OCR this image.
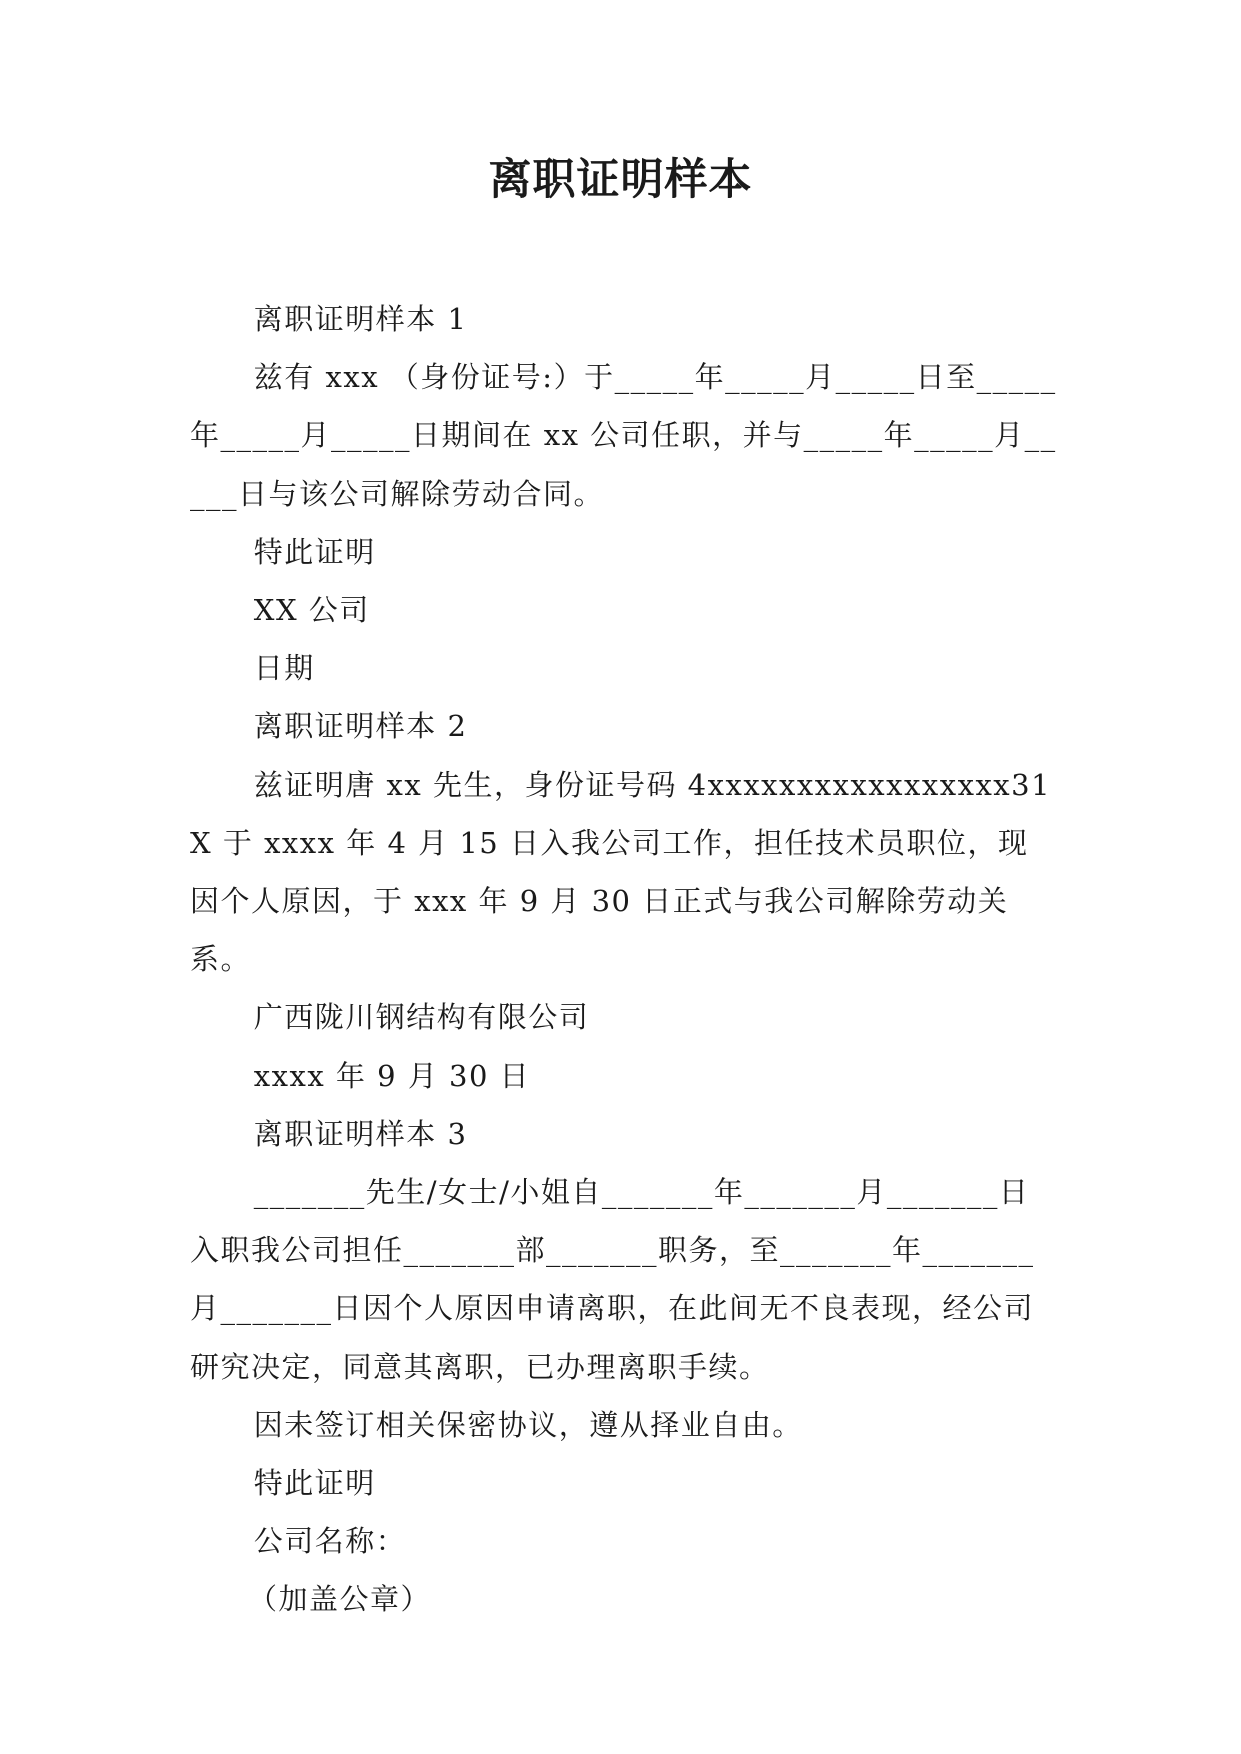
离职证明样本

离职证明样本 1

兹有 xxx （身份证号:）于_____年_____月_____日至_____年_____月_____日期间在 xx 公司任职，并与_____年_____月_____日与该公司解除劳动合同。

特此证明

XX 公司

日期

离职证明样本 2

兹证明唐 xx 先生，身份证号码 4xxxxxxxxxxxxxxxxx31X 于 xxxx 年 4 月 15 日入我公司工作，担任技术员职位，现因个人原因，于 xxx 年 9 月 30 日正式与我公司解除劳动关系。

广西陇川钢结构有限公司

xxxx 年 9 月 30 日

离职证明样本 3

_______先生/女士/小姐自_______年_______月_______日入职我公司担任_______部_______职务，至_______年_______月_______日因个人原因申请离职，在此间无不良表现，经公司研究决定，同意其离职，已办理离职手续。

因未签订相关保密协议，遵从择业自由。

特此证明

公司名称：

（加盖公章）
